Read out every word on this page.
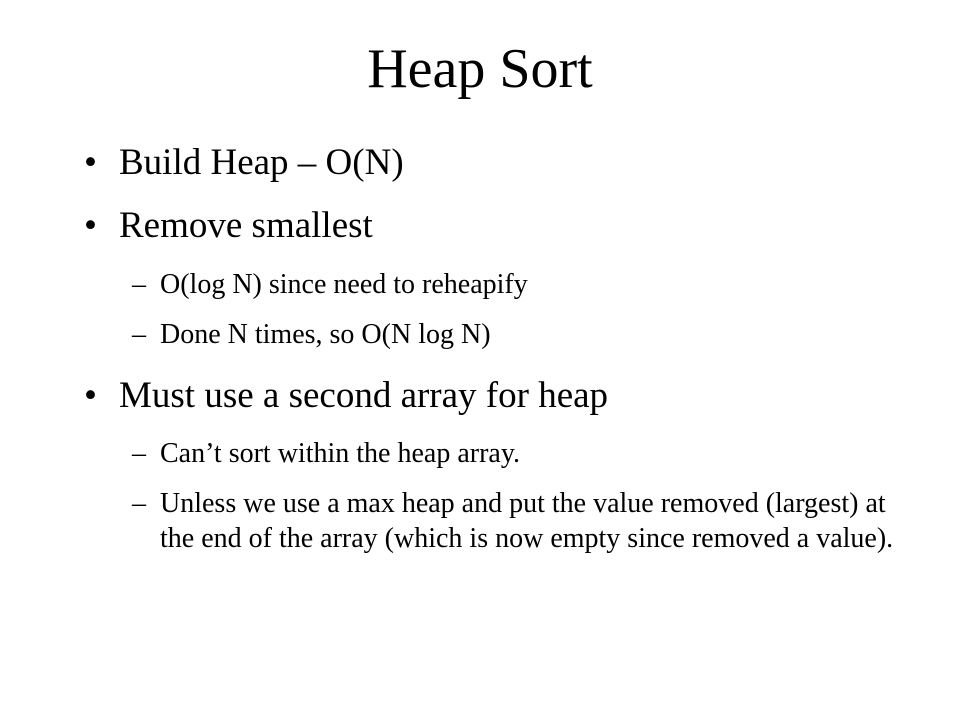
Heap Sort
• Build Heap – O(N)
• Remove smallest
– O(log N) since need to reheapify
– Done N times, so O(N log N)
• Must use a second array for heap
– Can’t sort within the heap array.
– Unless we use a max heap and put the value removed (largest) at the end of the array (which is now empty since removed a value).
